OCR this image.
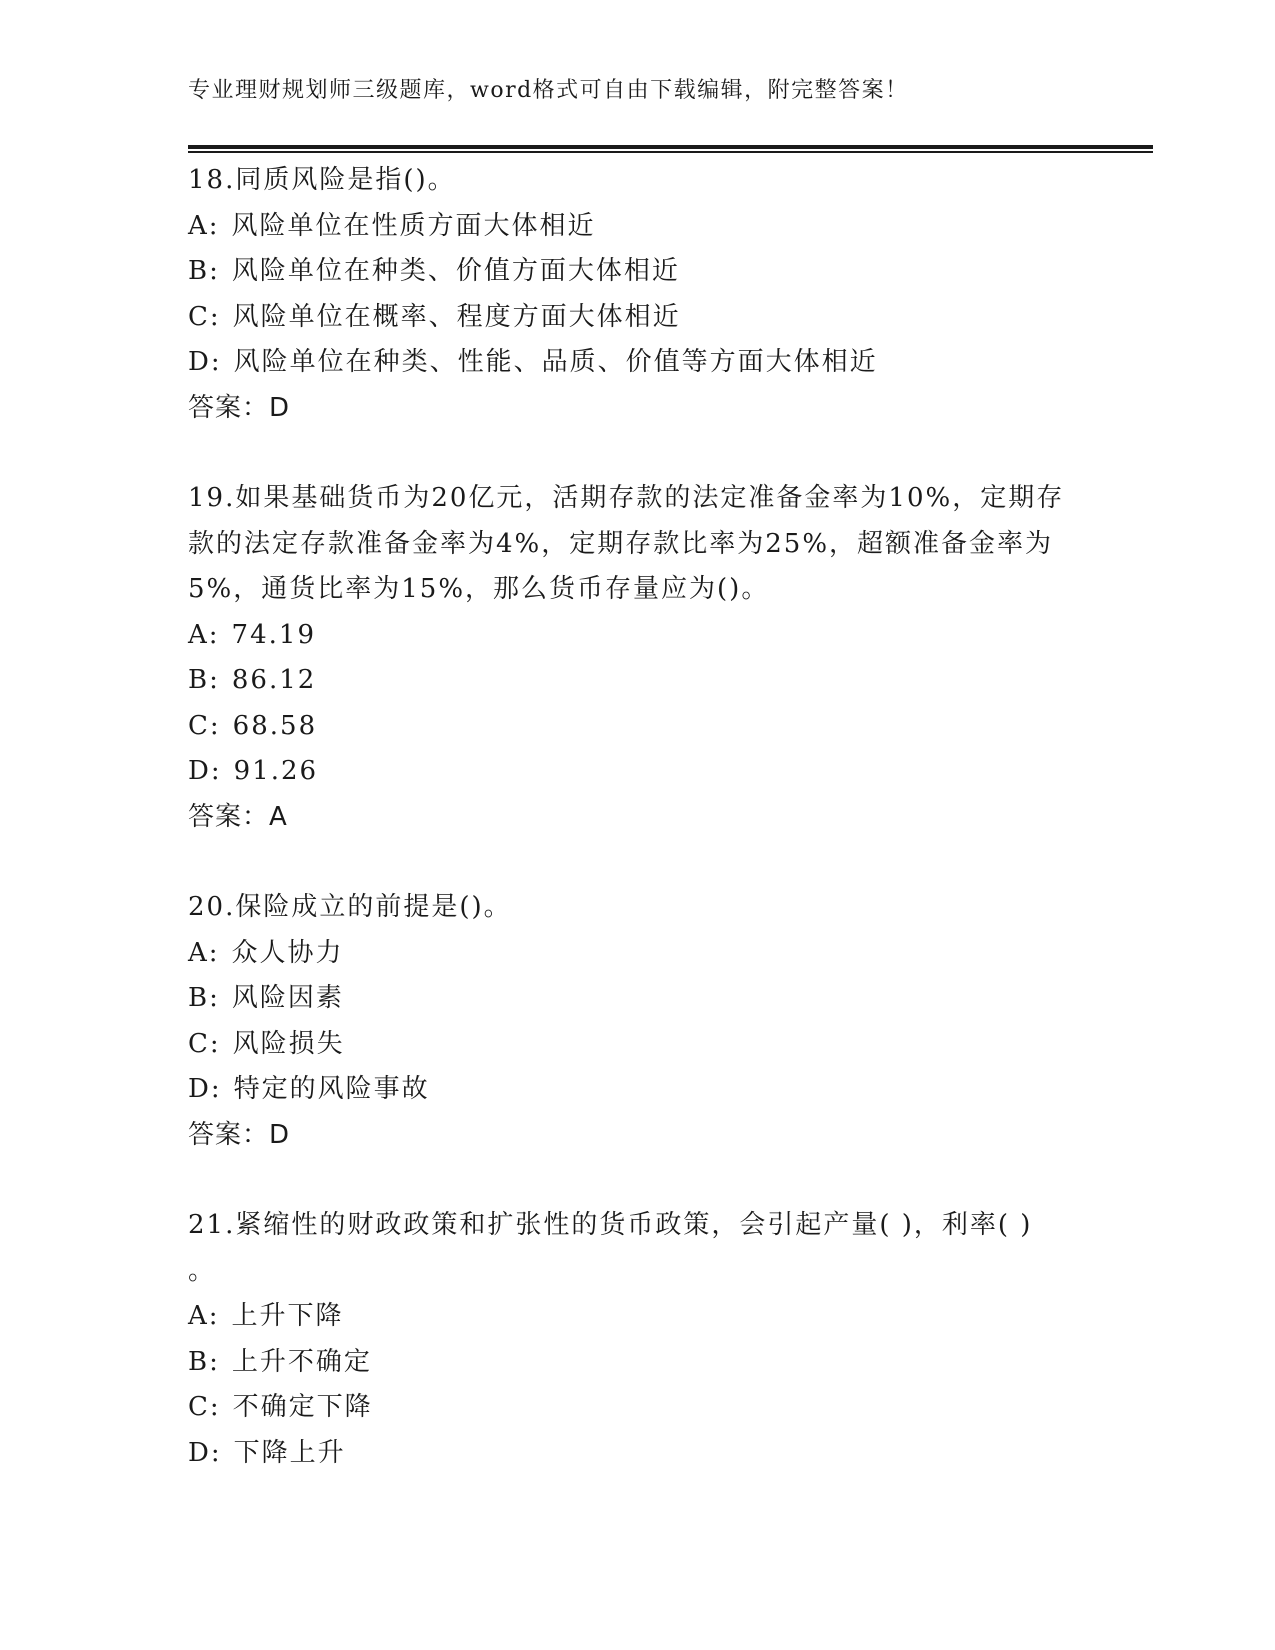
专业理财规划师三级题库，word格式可自由下载编辑，附完整答案！
18.同质风险是指()。
A: 风险单位在性质方面大体相近
B: 风险单位在种类、价值方面大体相近
C: 风险单位在概率、程度方面大体相近
D: 风险单位在种类、性能、品质、价值等方面大体相近
答案：D
19.如果基础货币为20亿元，活期存款的法定准备金率为10%，定期存
款的法定存款准备金率为4%，定期存款比率为25%，超额准备金率为
5%，通货比率为15%，那么货币存量应为()。
A: 74.19
B: 86.12
C: 68.58
D: 91.26
答案：A
20.保险成立的前提是()。
A: 众人协力
B: 风险因素
C: 风险损失
D: 特定的风险事故
答案：D
21.紧缩性的财政政策和扩张性的货币政策，会引起产量( )，利率( )
。
A: 上升下降
B: 上升不确定
C: 不确定下降
D: 下降上升
